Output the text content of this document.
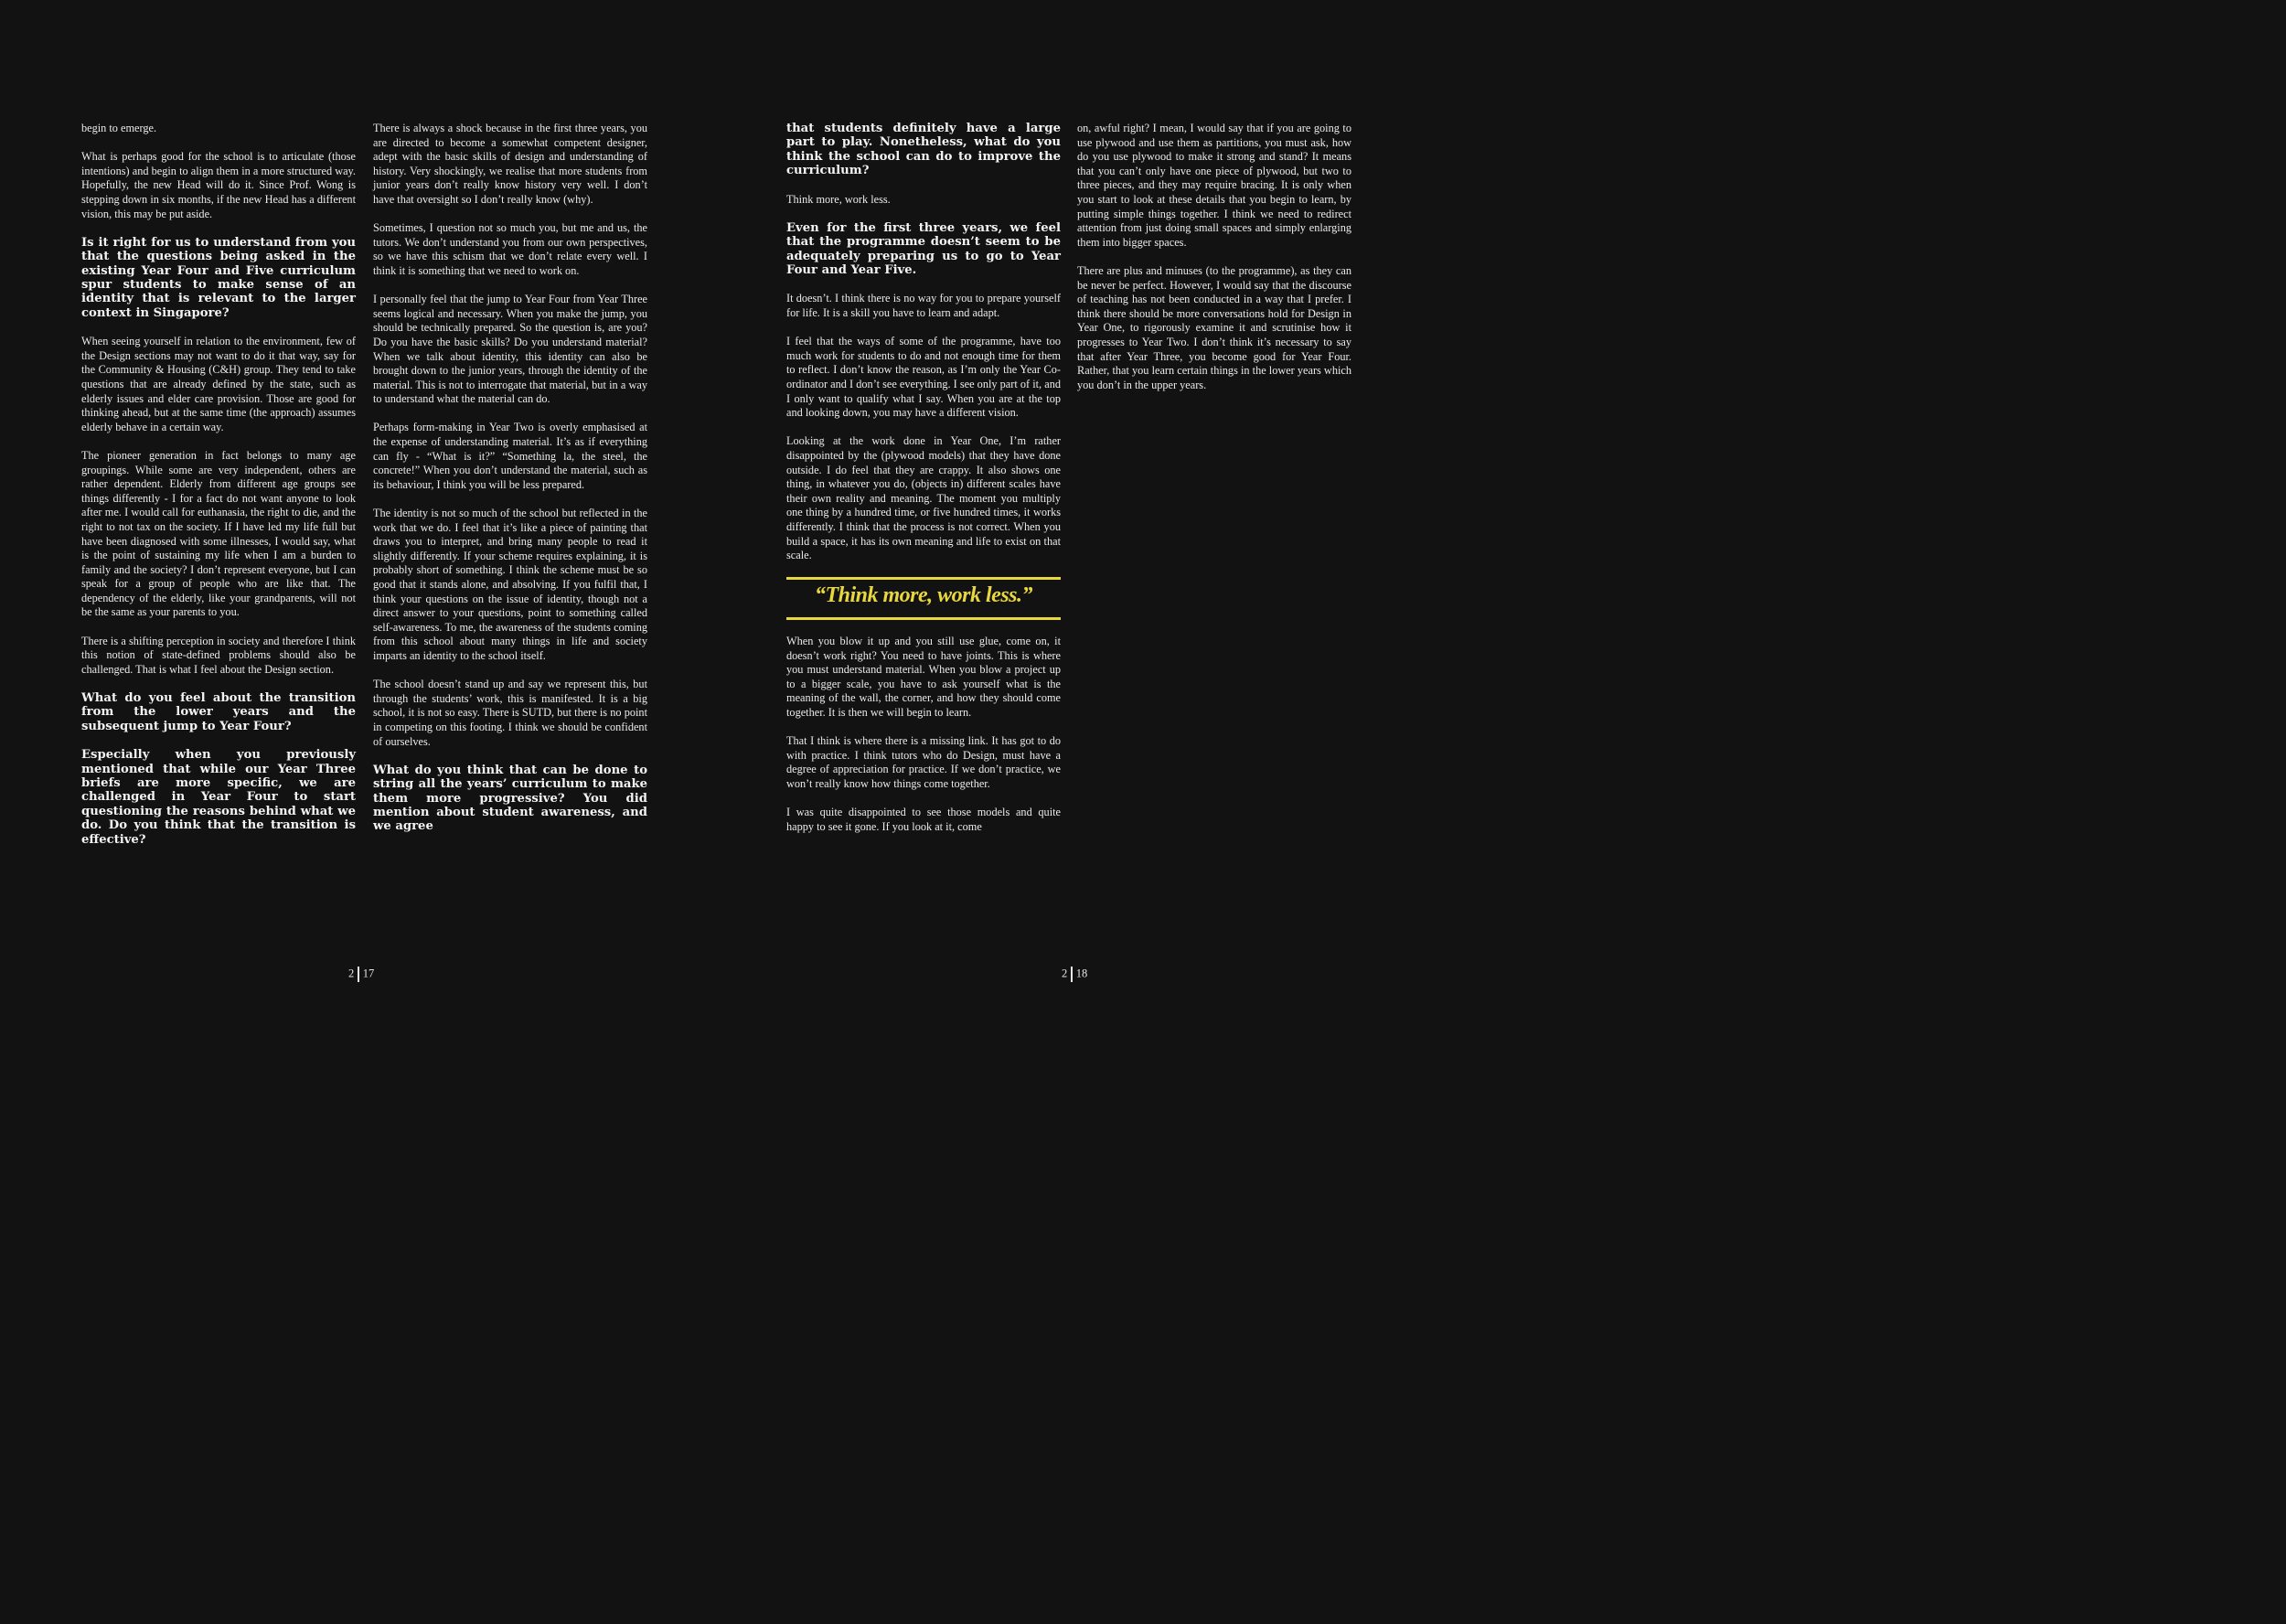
begin to emerge.

What is perhaps good for the school is to articulate (those intentions) and begin to align them in a more structured way. Hopefully, the new Head will do it. Since Prof. Wong is stepping down in six months, if the new Head has a different vision, this may be put aside.

Is it right for us to understand from you that the questions being asked in the existing Year Four and Five curriculum spur students to make sense of an identity that is relevant to the larger context in Singapore?

When seeing yourself in relation to the environment, few of the Design sections may not want to do it that way, say for the Community & Housing (C&H) group. They tend to take questions that are already defined by the state, such as elderly issues and elder care provision. Those are good for thinking ahead, but at the same time (the approach) assumes elderly behave in a certain way.

The pioneer generation in fact belongs to many age groupings. While some are very independent, others are rather dependent. Elderly from different age groups see things differently - I for a fact do not want anyone to look after me. I would call for euthanasia, the right to die, and the right to not tax on the society. If I have led my life full but have been diagnosed with some illnesses, I would say, what is the point of sustaining my life when I am a burden to family and the society? I don’t represent everyone, but I can speak for a group of people who are like that. The dependency of the elderly, like your grandparents, will not be the same as your parents to you.

There is a shifting perception in society and therefore I think this notion of state-defined problems should also be challenged. That is what I feel about the Design section.

What do you feel about the transition from the lower years and the subsequent jump to Year Four?

Especially when you previously mentioned that while our Year Three briefs are more specific, we are challenged in Year Four to start questioning the reasons behind what we do. Do you think that the transition is effective?

There is always a shock because in the first three years, you are directed to become a somewhat competent designer, adept with the basic skills of design and understanding of history. Very shockingly, we realise that more students from junior years don’t really know history very well. I don’t have that oversight so I don’t really know (why).

Sometimes, I question not so much you, but me and us, the tutors. We don’t understand you from our own perspectives, so we have this schism that we don’t relate every well. I think it is something that we need to work on.

I personally feel that the jump to Year Four from Year Three seems logical and necessary. When you make the jump, you should be technically prepared. So the question is, are you? Do you have the basic skills? Do you understand material? When we talk about identity, this identity can also be brought down to the junior years, through the identity of the material. This is not to interrogate that material, but in a way to understand what the material can do.

Perhaps form-making in Year Two is overly emphasised at the expense of understanding material. It’s as if everything can fly - “What is it?” “Something la, the steel, the concrete!” When you don’t understand the material, such as its behaviour, I think you will be less prepared.

The identity is not so much of the school but reflected in the work that we do. I feel that it’s like a piece of painting that draws you to interpret, and bring many people to read it slightly differently. If your scheme requires explaining, it is probably short of something. I think the scheme must be so good that it stands alone, and absolving. If you fulfil that, I think your questions on the issue of identity, though not a direct answer to your questions, point to something called self-awareness. To me, the awareness of the students coming from this school about many things in life and society imparts an identity to the school itself.

The school doesn’t stand up and say we represent this, but through the students’ work, this is manifested. It is a big school, it is not so easy. There is SUTD, but there is no point in competing on this footing. I think we should be confident of ourselves.

What do you think that can be done to string all the years’ curriculum to make them more progressive? You did mention about student awareness, and we agree

that students definitely have a large part to play. Nonetheless, what do you think the school can do to improve the curriculum?

Think more, work less.

Even for the first three years, we feel that the programme doesn’t seem to be adequately preparing us to go to Year Four and Year Five.

It doesn’t. I think there is no way for you to prepare yourself for life. It is a skill you have to learn and adapt.

I feel that the ways of some of the programme, have too much work for students to do and not enough time for them to reflect. I don’t know the reason, as I’m only the Year Co-ordinator and I don’t see everything. I see only part of it, and I only want to qualify what I say. When you are at the top and looking down, you may have a different vision.

Looking at the work done in Year One, I’m rather disappointed by the (plywood models) that they have done outside. I do feel that they are crappy. It also shows one thing, in whatever you do, (objects in) different scales have their own reality and meaning. The moment you multiply one thing by a hundred time, or five hundred times, it works differently. I think that the process is not correct. When you build a space, it has its own meaning and life to exist on that scale.

“Think more, work less.”

When you blow it up and you still use glue, come on, it doesn’t work right? You need to have joints. This is where you must understand material. When you blow a project up to a bigger scale, you have to ask yourself what is the meaning of the wall, the corner, and how they should come together. It is then we will begin to learn.

That I think is where there is a missing link. It has got to do with practice. I think tutors who do Design, must have a degree of appreciation for practice. If we don’t practice, we won’t really know how things come together.

I was quite disappointed to see those models and quite happy to see it gone. If you look at it, come

on, awful right? I mean, I would say that if you are going to use plywood and use them as partitions, you must ask, how do you use plywood to make it strong and stand? It means that you can’t only have one piece of plywood, but two to three pieces, and they may require bracing. It is only when you start to look at these details that you begin to learn, by putting simple things together. I think we need to redirect attention from just doing small spaces and simply enlarging them into bigger spaces.

There are plus and minuses (to the programme), as they can be never be perfect. However, I would say that the discourse of teaching has not been conducted in a way that I prefer. I think there should be more conversations hold for Design in Year One, to rigorously examine it and scrutinise how it progresses to Year Two. I don’t think it’s necessary to say that after Year Three, you become good for Year Four. Rather, that you learn certain things in the lower years which you don’t in the upper years.

2 17	2 18
